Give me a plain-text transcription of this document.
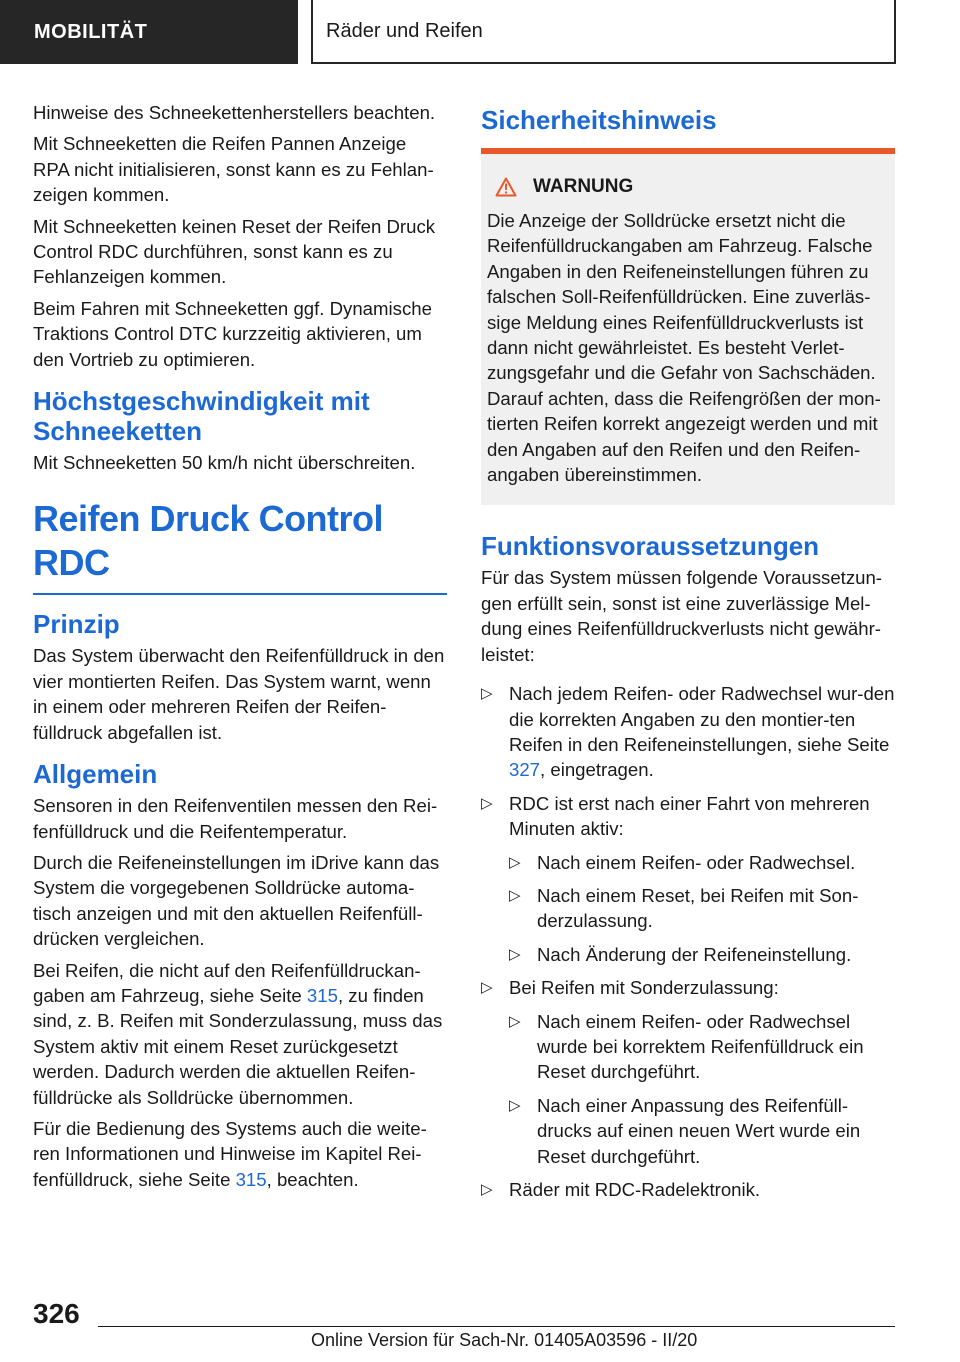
MOBILITÄT	Räder und Reifen

Hinweise des Schneekettenherstellers beachten.

Mit Schneeketten die Reifen Pannen Anzeige RPA nicht initialisieren, sonst kann es zu Fehlan‐zeigen kommen.

Mit Schneeketten keinen Reset der Reifen Druck Control RDC durchführen, sonst kann es zu Fehlanzeigen kommen.

Beim Fahren mit Schneeketten ggf. Dynamische Traktions Control DTC kurzzeitig aktivieren, um den Vortrieb zu optimieren.

Höchstgeschwindigkeit mit Schneeketten

Mit Schneeketten 50 km/h nicht überschreiten.

Reifen Druck Control RDC
Prinzip

Das System überwacht den Reifenfülldruck in den vier montierten Reifen. Das System warnt, wenn in einem oder mehreren Reifen der Reifen‐fülldruck abgefallen ist.

Allgemein

Sensoren in den Reifenventilen messen den Rei‐fenfülldruck und die Reifentemperatur.

Durch die Reifeneinstellungen im iDrive kann das System die vorgegebenen Solldrücke automa‐tisch anzeigen und mit den aktuellen Reifenfüll‐drücken vergleichen.

Bei Reifen, die nicht auf den Reifenfülldruckan‐gaben am Fahrzeug, siehe Seite 315, zu finden sind, z. B. Reifen mit Sonderzulassung, muss das System aktiv mit einem Reset zurückgesetzt werden. Dadurch werden die aktuellen Reifen‐fülldrücke als Solldrücke übernommen.

Für die Bedienung des Systems auch die weite‐ren Informationen und Hinweise im Kapitel Rei‐fenfülldruck, siehe Seite 315, beachten.

Sicherheitshinweis
WARNUNG

Die Anzeige der Solldrücke ersetzt nicht die Reifenfülldruckangaben am Fahrzeug. Falsche Angaben in den Reifeneinstellungen führen zu falschen Soll-Reifenfülldrücken. Eine zuverläs‐sige Meldung eines Reifenfülldruckverlusts ist dann nicht gewährleistet. Es besteht Verlet‐zungsgefahr und die Gefahr von Sachschäden. Darauf achten, dass die Reifengrößen der mon‐tierten Reifen korrekt angezeigt werden und mit den Angaben auf den Reifen und den Reifen‐angaben übereinstimmen.

Funktionsvoraussetzungen

Für das System müssen folgende Voraussetzun‐gen erfüllt sein, sonst ist eine zuverlässige Mel‐dung eines Reifenfülldruckverlusts nicht gewähr‐leistet:

▷ Nach jedem Reifen- oder Radwechsel wur‐den die korrekten Angaben zu den montier‐ten Reifen in den Reifeneinstellungen, siehe Seite 327, eingetragen.
▷ RDC ist erst nach einer Fahrt von mehreren Minuten aktiv:
▷ Nach einem Reifen- oder Radwechsel.
▷ Nach einem Reset, bei Reifen mit Son‐derzulassung.
▷ Nach Änderung der Reifeneinstellung.
▷ Bei Reifen mit Sonderzulassung:
▷ Nach einem Reifen- oder Radwechsel wurde bei korrektem Reifenfülldruck ein Reset durchgeführt.
▷ Nach einer Anpassung des Reifenfüll‐drucks auf einen neuen Wert wurde ein Reset durchgeführt.
▷ Räder mit RDC-Radelektronik.
326
Online Version für Sach-Nr. 01405A03596 - II/20
